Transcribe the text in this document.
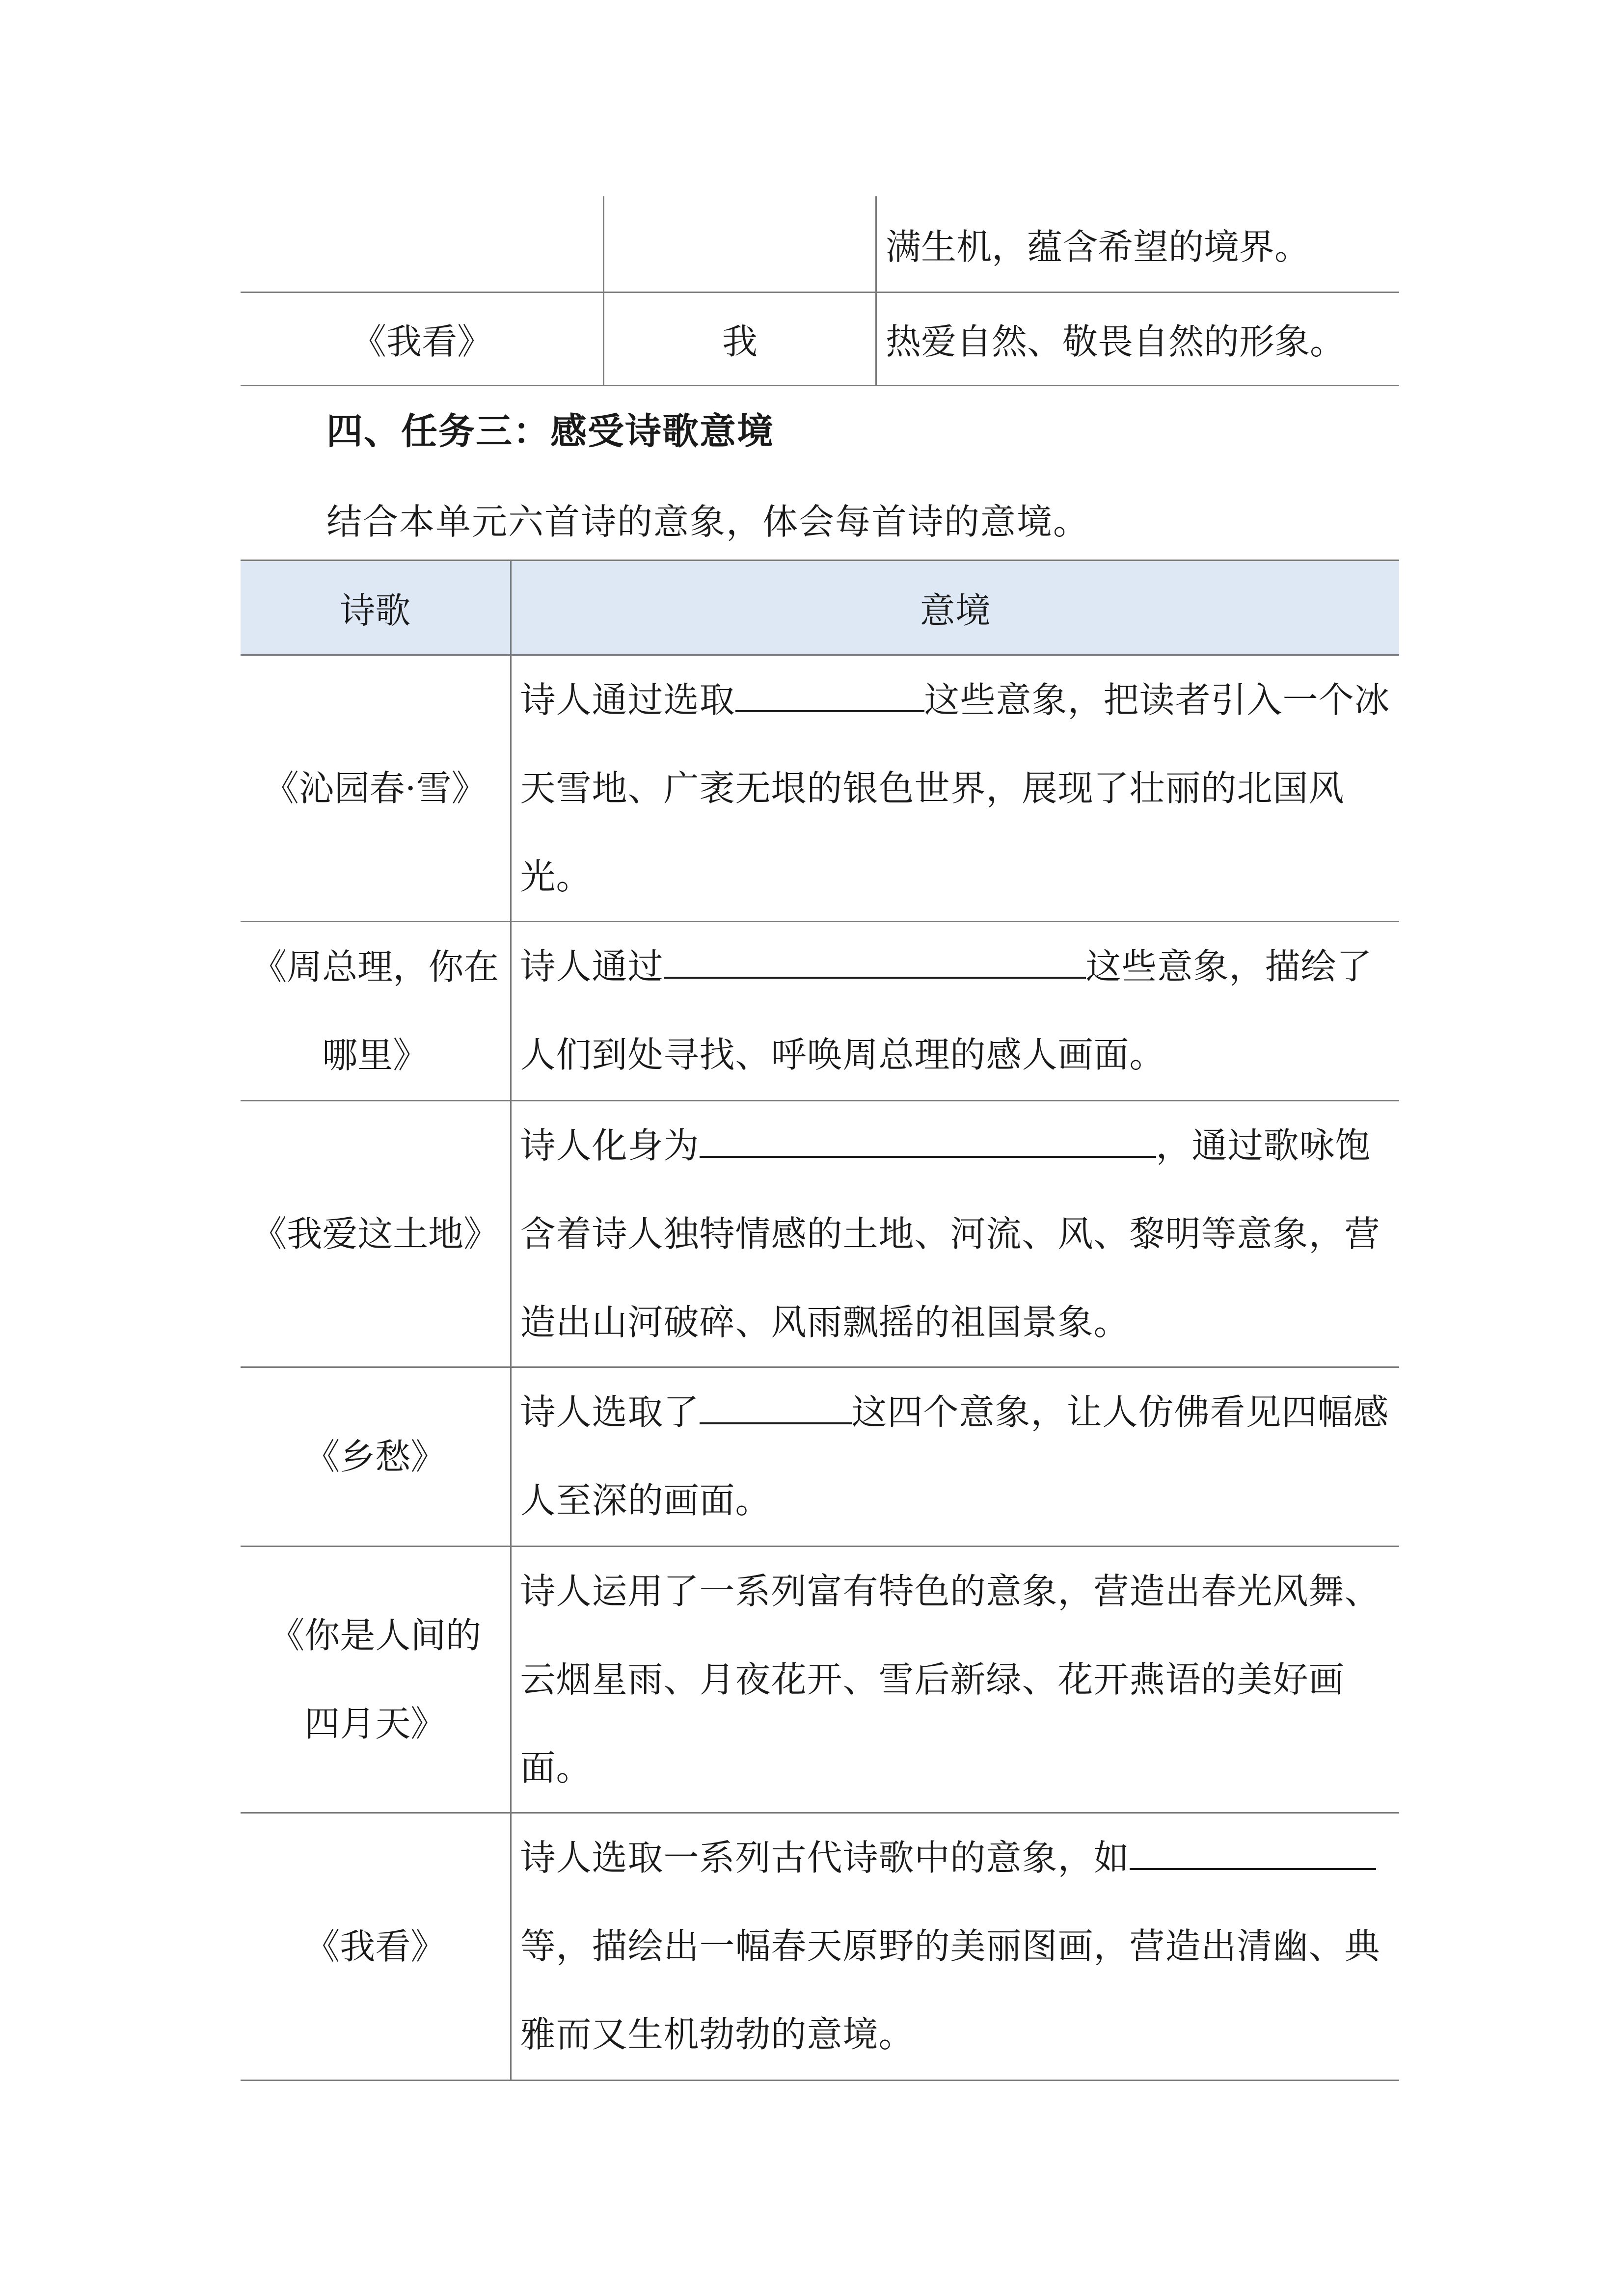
		满生机，蕴含希望的境界。
《我看》	我	热爱自然、敬畏自然的形象。
四、任务三：感受诗歌意境
结合本单元六首诗的意象，体会每首诗的意境。
诗歌	意境
《沁园春·雪》	诗人通过选取 这些意象，把读者引入一个冰天雪地、广袤无垠的银色世界，展现了壮丽的北国风光。
《周总理，你在
哪里》	诗人通过 这些意象，描绘了人们到处寻找、呼唤周总理的感人画面。
《我爱这土地》	诗人化身为 ，通过歌咏饱含着诗人独特情感的土地、河流、风、黎明等意象，营造出山河破碎、风雨飘摇的祖国景象。
《乡愁》	诗人选取了 这四个意象，让人仿佛看见四幅感人至深的画面。
《你是人间的
四月天》	诗人运用了一系列富有特色的意象，营造出春光风舞、云烟星雨、月夜花开、雪后新绿、花开燕语的美好画面。
《我看》	诗人选取一系列古代诗歌中的意象，如等，描绘出一幅春天原野的美丽图画，营造出清幽、典雅而又生机勃勃的意境。
